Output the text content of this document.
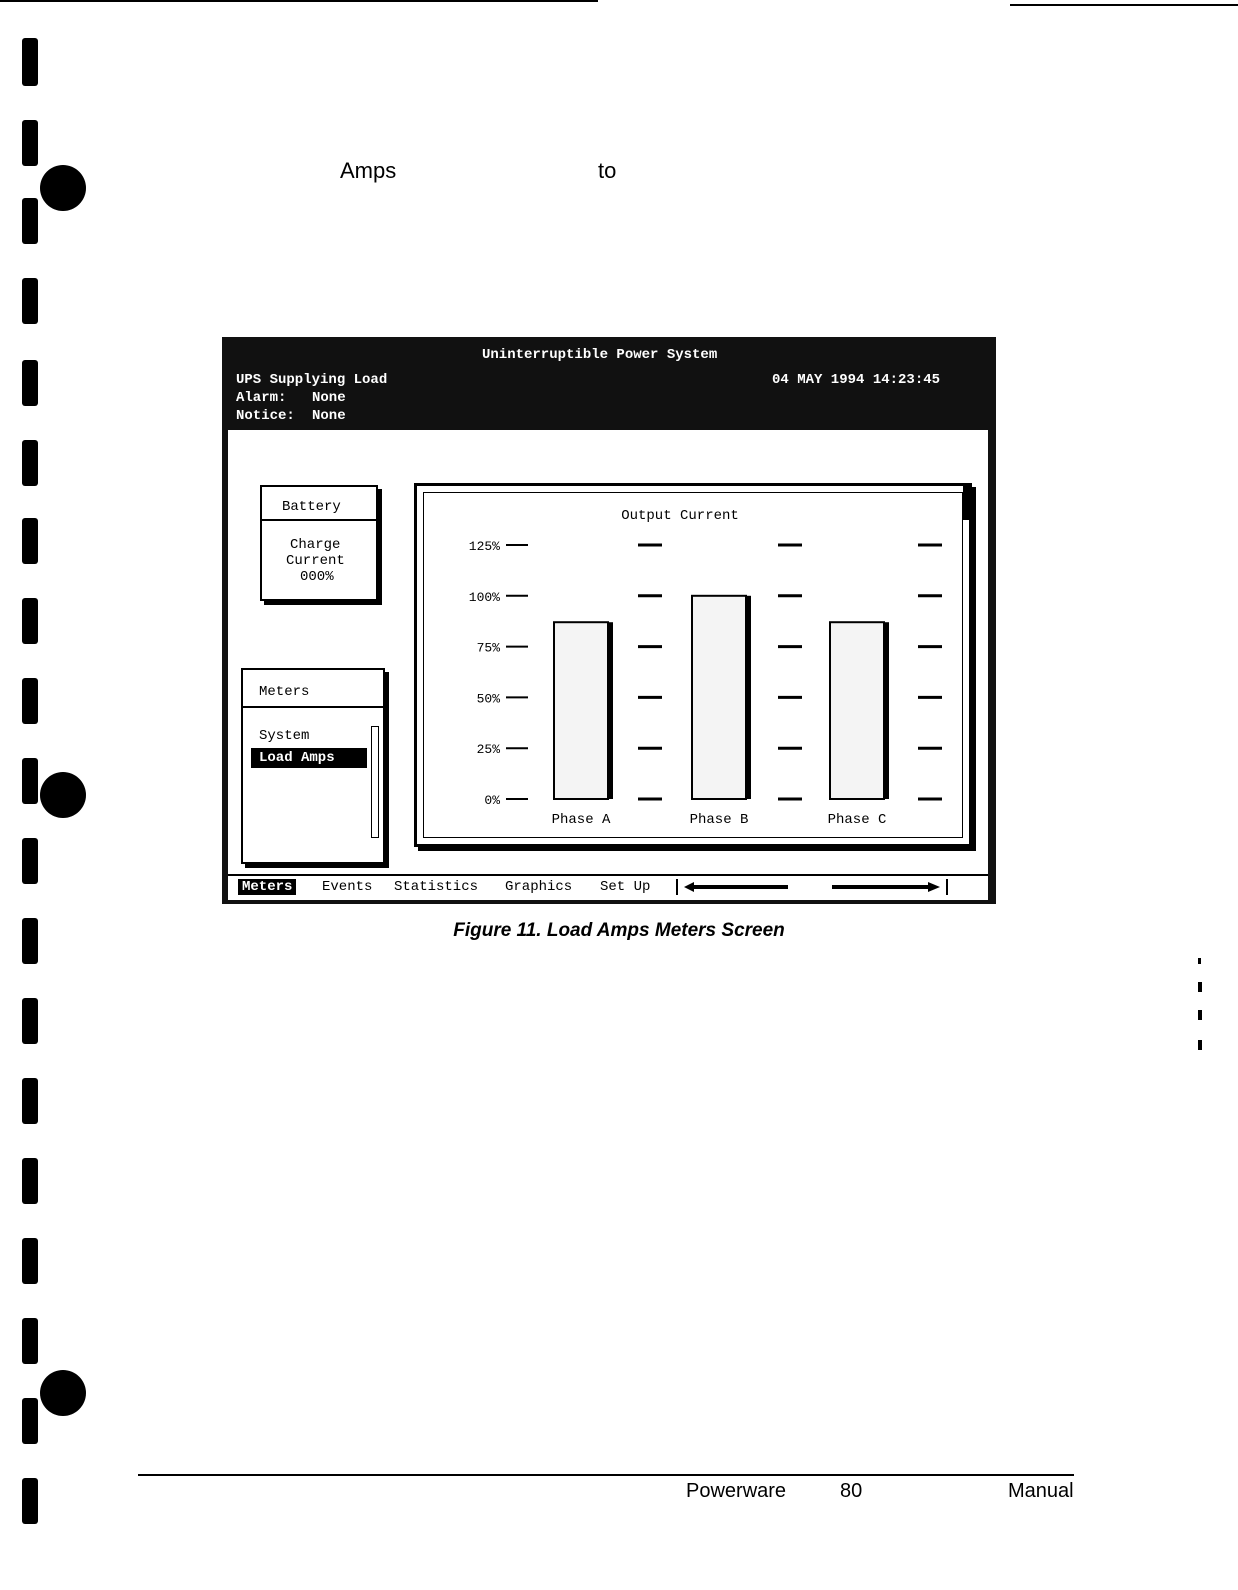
Amps	to
Uninterruptible Power System
UPS Supplying Load	04 MAY 1994 14:23:45
Alarm: None
Notice: None
Battery
Charge
Current
000%
Meters
System
Load Amps
Output Current
125%
100%
75%
50%
25%
0%
Phase A	Phase B	Phase C
Meters Events Statistics Graphics Set Up
Figure 11. Load Amps Meters Screen
Powerware	80	Manual
